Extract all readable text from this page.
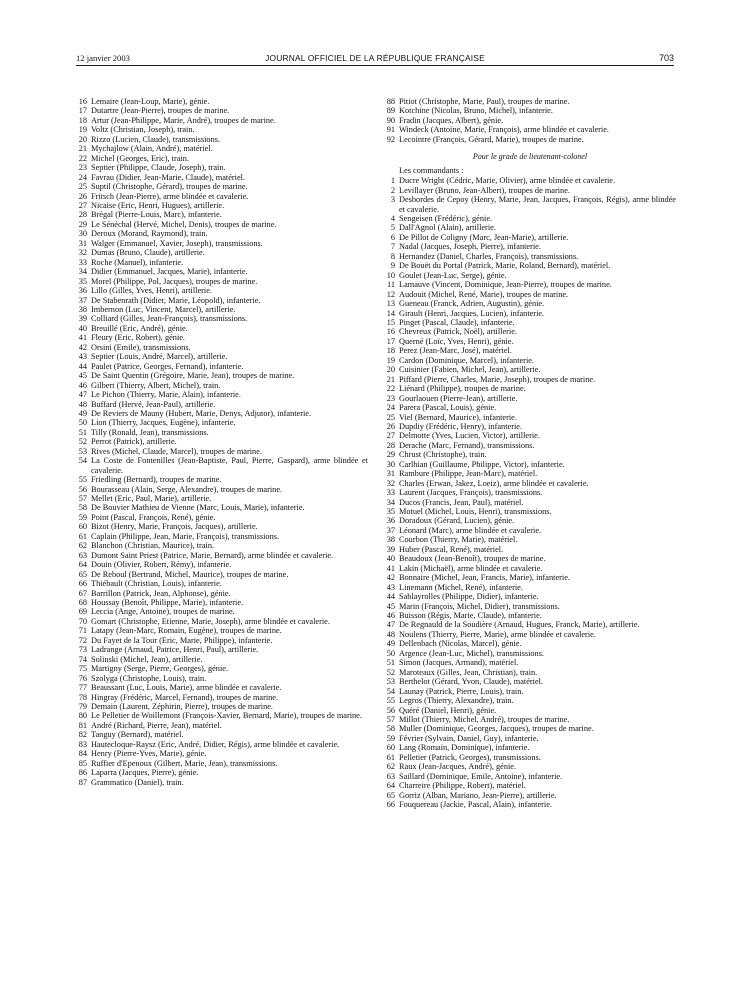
12 janvier 2003	JOURNAL OFFICIEL DE LA RÉPUBLIQUE FRANÇAISE	703
16 Lemaire (Jean-Loup, Marie), génie.
17 Dutartre (Jean-Pierre), troupes de marine.
18 Artur (Jean-Philippe, Marie, André), troupes de marine.
19 Voltz (Christian, Joseph), train.
20 Rizzo (Lucien, Claude), transmissions.
21 Mychajlow (Alain, André), matériel.
22 Michel (Georges, Eric), train.
23 Septier (Philippe, Claude, Joseph), train.
24 Favrau (Didier, Jean-Marie, Claude), matériel.
25 Suptil (Christophe, Gérard), troupes de marine.
26 Fritsch (Jean-Pierre), arme blindée et cavalerie.
27 Nicaise (Eric, Henri, Hugues), artillerie.
28 Brégal (Pierre-Louis, Marc), infanterie.
29 Le Sénéchal (Hervé, Michel, Denis), troupes de marine.
30 Deroux (Morand, Raymond), train.
31 Walger (Emmanuel, Xavier, Joseph), transmissions.
32 Dumas (Bruno, Claude), artillerie.
33 Roche (Manuel), infanterie.
34 Didier (Emmanuel, Jacques, Marie), infanterie.
35 Morel (Philippe, Pol, Jacques), troupes de marine.
36 Lillo (Gilles, Yves, Henri), artillerie.
37 De Stabenrath (Didier, Marie, Léopold), infanterie.
38 Imbernon (Luc, Vincent, Marcel), artillerie.
39 Colliard (Gilles, Jean-François), transmissions.
40 Breuillé (Eric, André), génie.
41 Fleury (Eric, Robert), génie.
42 Orsini (Emile), transmissions.
43 Septier (Louis, André, Marcel), artillerie.
44 Paulet (Patrice, Georges, Fernand), infanterie.
45 De Saint Quentin (Grégoire, Marie, Jean), troupes de marine.
46 Gilbert (Thierry, Albert, Michel), train.
47 Le Pichon (Thierry, Marie, Alain), infanterie.
48 Buffard (Hervé, Jean-Paul), artillerie.
49 De Reviers de Mauny (Hubert, Marie, Denys, Adjutor), infanterie.
50 Lion (Thierry, Jacques, Eugène), infanterie.
51 Tilly (Ronald, Jean), transmissions.
52 Perrot (Patrick), artillerie.
53 Rives (Michel, Claude, Marcel), troupes de marine.
54 La Coste de Fontenilles (Jean-Baptiste, Paul, Pierre, Gaspard), arme blindée et cavalerie.
55 Friedling (Bernard), troupes de marine.
56 Bourasseau (Alain, Serge, Alexandre), troupes de marine.
57 Mellet (Eric, Paul, Marie), artillerie.
58 De Bouvier Mathieu de Vienne (Marc, Louis, Marie), infanterie.
59 Point (Pascal, François, René), génie.
60 Bizot (Henry, Marie, François, Jacques), artillerie.
61 Caplain (Philippe, Jean, Marie, François), transmissions.
62 Blanchon (Christian, Maurice), train.
63 Dumont Saint Priest (Patrice, Marie, Bernard), arme blindée et cavalerie.
64 Douin (Olivier, Robert, Rémy), infanterie.
65 De Reboul (Bertrand, Michel, Maurice), troupes de marine.
66 Thiébault (Christian, Louis), infanterie.
67 Barrillon (Patrick, Jean, Alphonse), génie.
68 Houssay (Benoît, Philippe, Marie), infanterie.
69 Leccia (Ange, Antoine), troupes de marine.
70 Gomart (Christophe, Etienne, Marie, Joseph), arme blindée et cavalerie.
71 Latapy (Jean-Marc, Romain, Eugène), troupes de marine.
72 Du Fayet de la Tour (Eric, Marie, Philippe), infanterie.
73 Ladrange (Arnaud, Patrice, Henri, Paul), artillerie.
74 Solinski (Michel, Jean), artillerie.
75 Martigny (Serge, Pierre, Georges), génie.
76 Szolyga (Christophe, Louis), train.
77 Beaussant (Luc, Louis, Marie), arme blindée et cavalerie.
78 Hingray (Frédéric, Marcel, Fernand), troupes de marine.
79 Demain (Laurent, Zéphirin, Pierre), troupes de marine.
80 Le Pelletier de Woillemont (François-Xavier, Bernard, Marie), troupes de marine.
81 André (Richard, Pierre, Jean), matériel.
82 Tanguy (Bernard), matériel.
83 Hautecloque-Raysz (Eric, André, Didier, Régis), arme blindée et cavalerie.
84 Henry (Pierre-Yves, Marie), génie.
85 Ruffier d'Epenoux (Gilbert, Marie, Jean), transmissions.
86 Laparra (Jacques, Pierre), génie.
87 Grammatico (Daniel), train.
88 Pitiot (Christophe, Marie, Paul), troupes de marine.
89 Kotchine (Nicolas, Bruno, Michel), infanterie.
90 Fradin (Jacques, Albert), génie.
91 Windeck (Antoine, Marie, François), arme blindée et cavalerie.
92 Lecointre (François, Gérard, Marie), troupes de marine.
Pour le grade de lieutenant-colonel
Les commandants :
1 Ducre Wright (Cédric, Marie, Olivier), arme blindée et cavalerie.
2 Levillayer (Bruno, Jean-Albert), troupes de marine.
3 Desbordes de Cepoy (Henry, Marie, Jean, Jacques, François, Régis), arme blindée et cavalerie.
4 Sengeisen (Frédéric), génie.
5 Dall'Agnol (Alain), artillerie.
6 De Pillot de Coligny (Marc, Jean-Marie), artillerie.
7 Nadal (Jacques, Joseph, Pierre), infanterie.
8 Hernandez (Daniel, Charles, François), transmissions.
9 De Bouët du Portal (Patrick, Marie, Roland, Bernard), matériel.
10 Goulet (Jean-Luc, Serge), génie.
11 Lamauve (Vincent, Dominique, Jean-Pierre), troupes de marine.
12 Audouit (Michel, René, Marie), troupes de marine.
13 Gueneau (Franck, Adrien, Augustin), génie.
14 Girault (Henri, Jacques, Lucien), infanterie.
15 Pinget (Pascal, Claude), infanterie.
16 Chevreux (Patrick, Noël), artillerie.
17 Querné (Loïc, Yves, Henri), génie.
18 Perez (Jean-Marc, José), matériel.
19 Cardon (Dominique, Marcel), infanterie.
20 Cuisinier (Fabien, Michel, Jean), artillerie.
21 Piffard (Pierre, Charles, Marie, Joseph), troupes de marine.
22 Liénard (Philippe), troupes de marine.
23 Gourlaouen (Pierre-Jean), artillerie.
24 Parera (Pascal, Louis), génie.
25 Viel (Bernard, Maurice), infanterie.
26 Dupdiy (Frédéric, Henry), infanterie.
27 Delmotte (Yves, Lucien, Victor), artillerie.
28 Derache (Marc, Fernand), transmissions.
29 Chrust (Christophe), train.
30 Carlhian (Guillaume, Philippe, Victor), infanterie.
31 Rambure (Philippe, Jean-Marc), matériel.
32 Charles (Erwan, Jakez, Loeiz), arme blindée et cavalerie.
33 Laurent (Jacques, François), transmissions.
34 Ducos (Francis, Jean, Paul), matériel.
35 Motuel (Michel, Louis, Henri), transmissions.
36 Doradoux (Gérard, Lucien), génie.
37 Léonard (Marc), arme blindée et cavalerie.
38 Courbon (Thierry, Marie), matériel.
39 Huber (Pascal, René), matériel.
40 Beaudoux (Jean-Benoît), troupes de marine.
41 Lakin (Michaël), arme blindée et cavalerie.
42 Bonnaire (Michel, Jean, Francis, Marie), infanterie.
43 Linemann (Michel, René), infanterie.
44 Sablayrolles (Philippe, Didier), infanterie.
45 Marin (François, Michel, Didier), transmissions.
46 Buisson (Régis, Marie, Claude), infanterie.
47 De Regnauld de la Soudière (Arnaud, Hugues, Franck, Marie), artillerie.
48 Noulens (Thierry, Pierre, Marie), arme blindée et cavalerie.
49 Dellenbach (Nicolas, Marcel), génie.
50 Argence (Jean-Luc, Michel), transmissions.
51 Simon (Jacques, Armand), matériel.
52 Maroteaux (Gilles, Jean, Christian), train.
53 Berthelot (Gérard, Yvon, Claude), matériel.
54 Launay (Patrick, Pierre, Louis), train.
55 Legros (Thierry, Alexandre), train.
56 Quéré (Daniel, Henri), génie.
57 Millot (Thierry, Michel, André), troupes de marine.
58 Muller (Dominique, Georges, Jacques), troupes de marine.
59 Février (Sylvain, Daniel, Guy), infanterie.
60 Lang (Romain, Dominique), infanterie.
61 Pelletier (Patrick, Georges), transmissions.
62 Raux (Jean-Jacques, André), génie.
63 Saillard (Dominique, Emile, Antoine), infanterie.
64 Charreire (Philippe, Robert), matériel.
65 Gorriz (Alban, Mariano, Jean-Pierre), artillerie.
66 Fouquereau (Jackie, Pascal, Alain), infanterie.
